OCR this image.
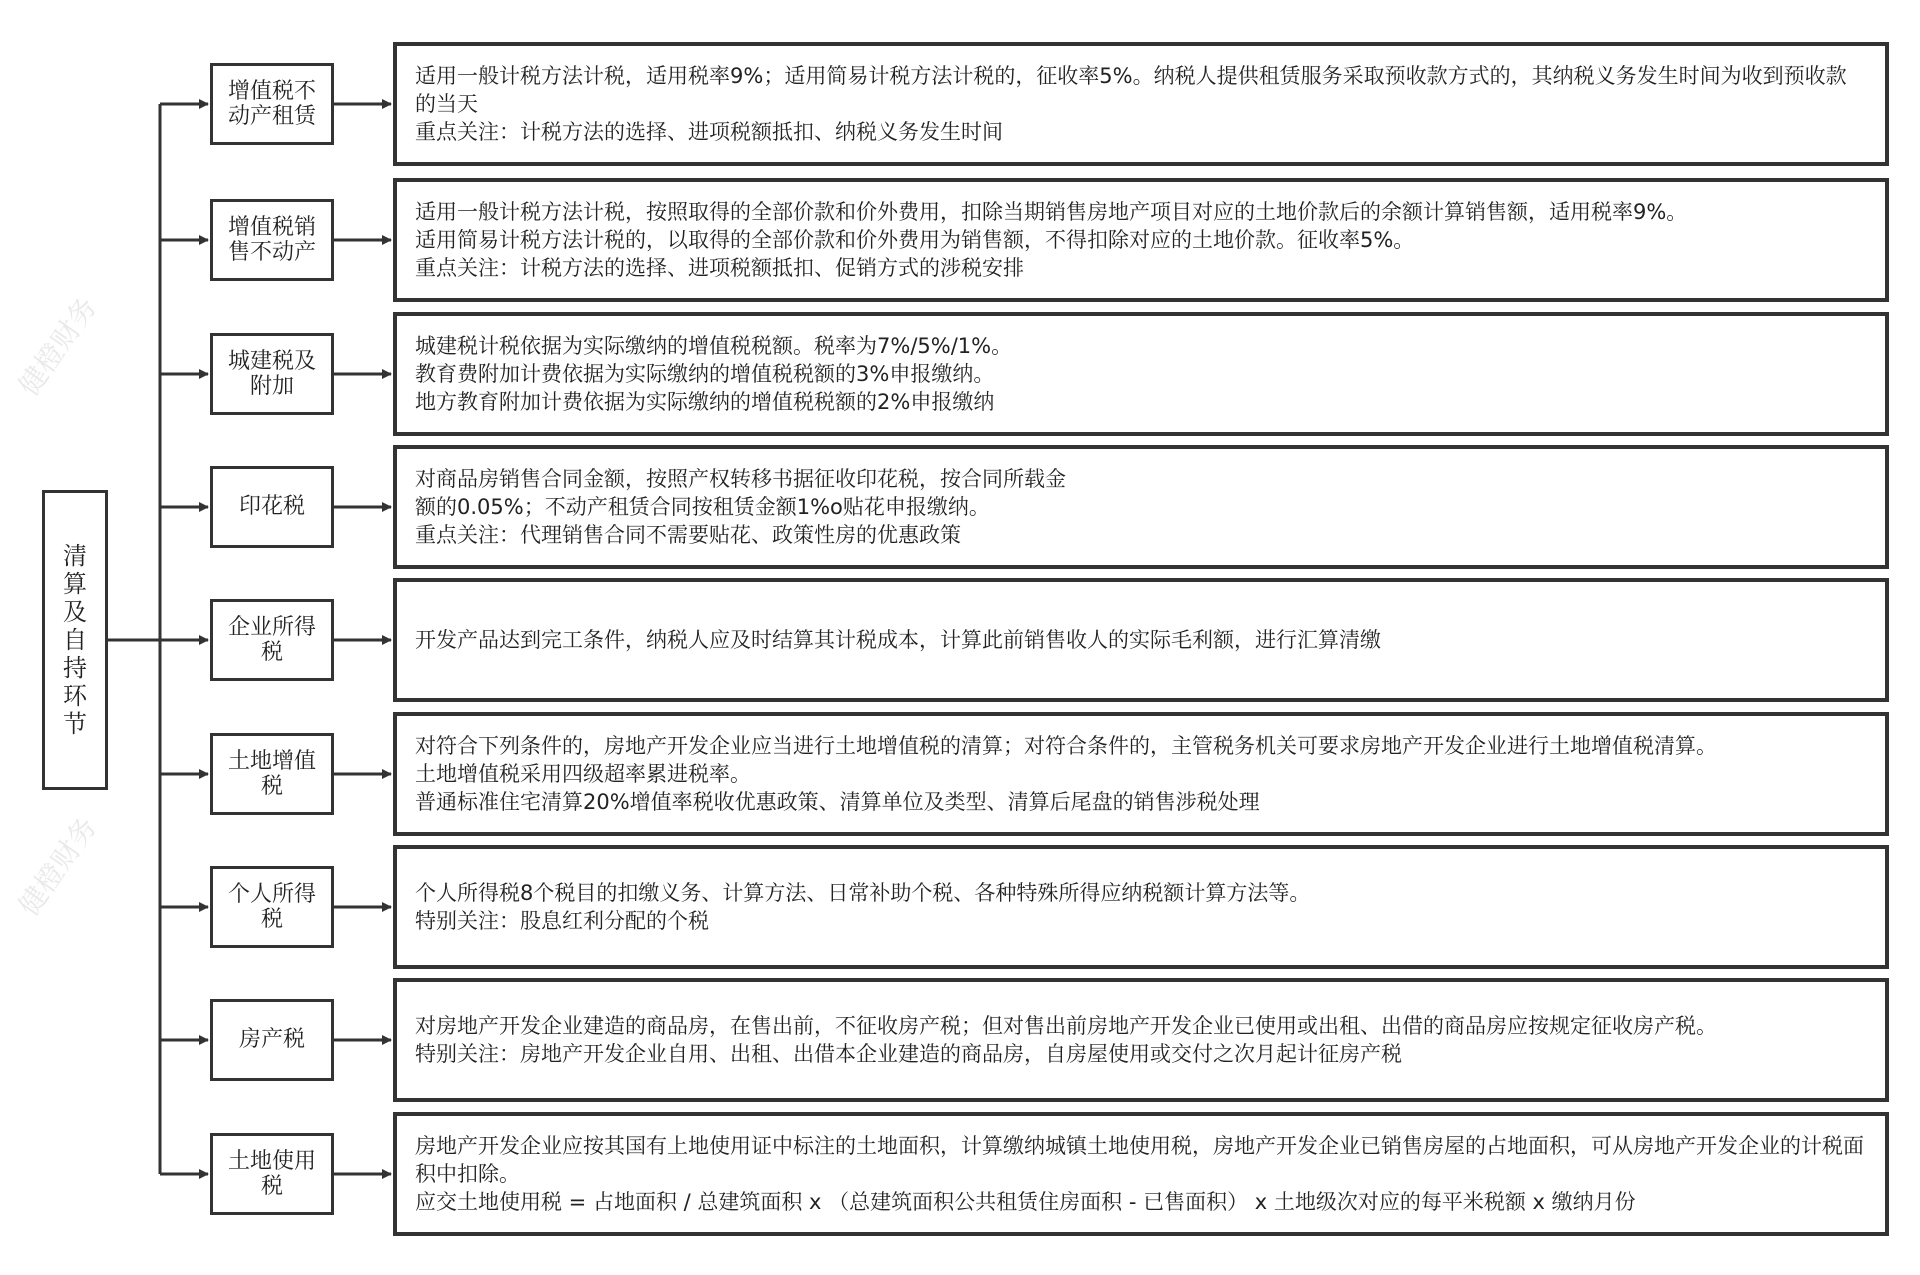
健橙财务
健橙财务
清算及自持环节
增值税不动产租赁
适用一般计税方法计税，适用税率9%；适用简易计税方法计税的，征收率5%。纳税人提供租赁服务采取预收款方式的，其纳税义务发生时间为收到预收款的当天
重点关注：计税方法的选择、进项税额抵扣、纳税义务发生时间
增值税销售不动产
适用一般计税方法计税，按照取得的全部价款和价外费用，扣除当期销售房地产项目对应的土地价款后的余额计算销售额，适用税率9%。
适用简易计税方法计税的，以取得的全部价款和价外费用为销售额，不得扣除对应的土地价款。征收率5%。
重点关注：计税方法的选择、进项税额抵扣、促销方式的涉税安排
城建税及附加
城建税计税依据为实际缴纳的增值税税额。税率为7%/5%/1%。
教育费附加计费依据为实际缴纳的增值税税额的3%申报缴纳。
地方教育附加计费依据为实际缴纳的增值税税额的2%申报缴纳
印花税
对商品房销售合同金额，按照产权转移书据征收印花税，按合同所载金
额的0.05%；不动产租赁合同按租赁金额1%o贴花申报缴纳。
重点关注：代理销售合同不需要贴花、政策性房的优惠政策
企业所得税	开发产品达到完工条件，纳税人应及时结算其计税成本，计算此前销售收人的实际毛利额，进行汇算清缴
土地增值税
对符合下列条件的，房地产开发企业应当进行土地增值税的清算；对符合条件的，主管税务机关可要求房地产开发企业进行土地增值税清算。
土地增值税采用四级超率累进税率。
普通标准住宅清算20%增值率税收优惠政策、清算单位及类型、清算后尾盘的销售涉税处理
个人所得税
个人所得税8个税目的扣缴义务、计算方法、日常补助个税、各种特殊所得应纳税额计算方法等。
特别关注：股息红利分配的个税
房产税
对房地产开发企业建造的商品房，在售出前，不征收房产税；但对售出前房地产开发企业已使用或出租、出借的商品房应按规定征收房产税。
特别关注：房地产开发企业自用、出租、出借本企业建造的商品房，自房屋使用或交付之次月起计征房产税
土地使用税
房地产开发企业应按其国有上地使用证中标注的土地面积，计算缴纳城镇土地使用税，房地产开发企业已销售房屋的占地面积，可从房地产开发企业的计税面积中扣除。
应交土地使用税 = 占地面积 / 总建筑面积 x （总建筑面积公共租赁住房面积 - 已售面积） x 土地级次对应的每平米税额 x 缴纳月份
